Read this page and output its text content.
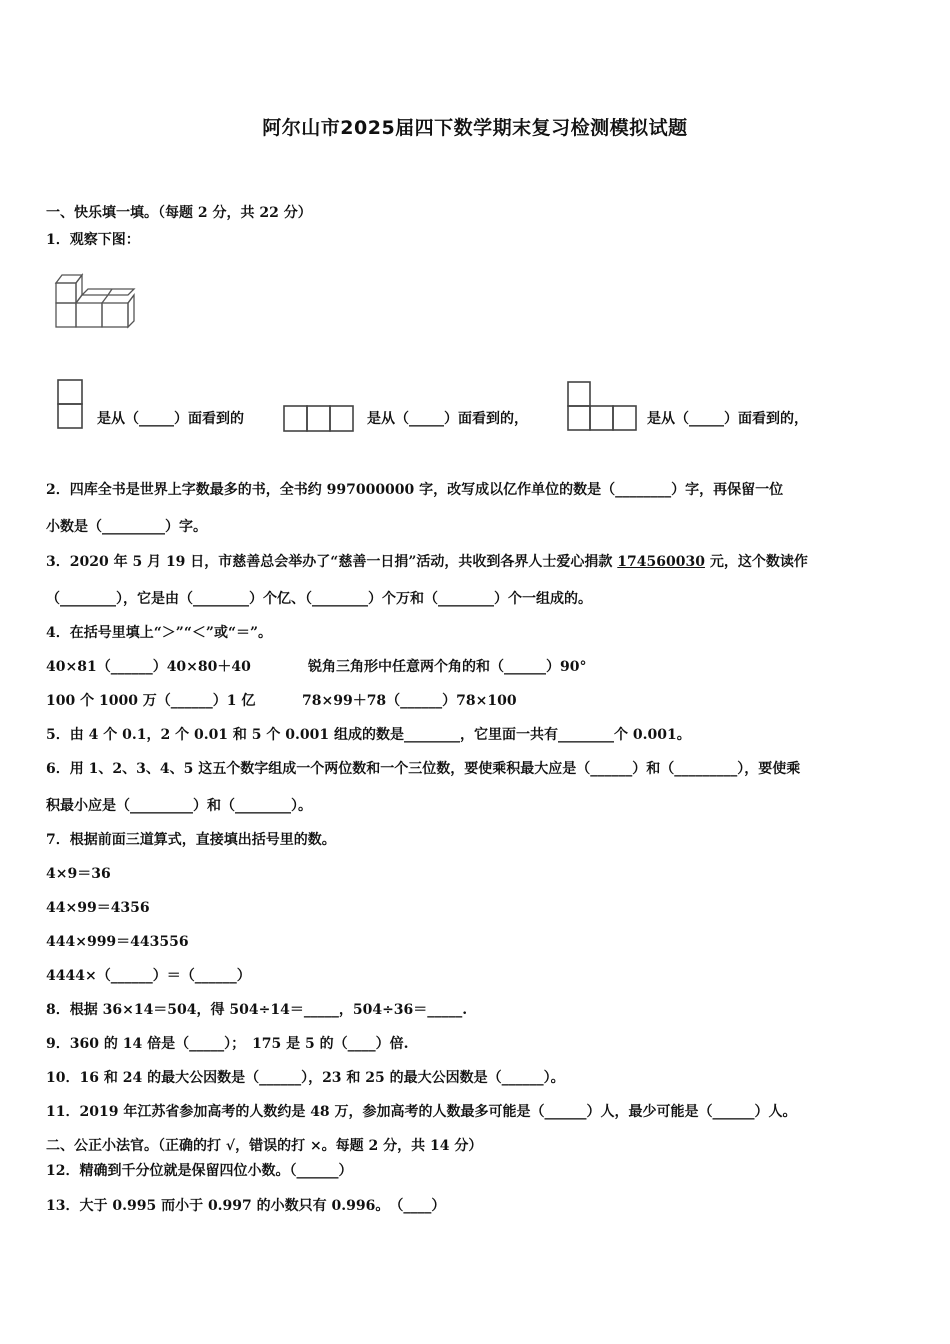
阿尔山市2025届四下数学期末复习检测模拟试题
一、快乐填一填。（每题 2 分，共 22 分）
1．观察下图：
是从（_____）面看到的	是从（_____）面看到的，	是从（_____）面看到的，
2．四库全书是世界上字数最多的书，全书约 997000000 字，改写成以亿作单位的数是（________）字，再保留一位
小数是（_________）字。
3．2020 年 5 月 19 日，市慈善总会举办了“慈善一日捐”活动，共收到各界人士爱心捐款 174560030 元，这个数读作
（________），它是由（________）个亿、（________）个万和（________）个一组成的。
4．在括号里填上“＞”“＜”或“＝”。
40×81（______）40×80＋40	锐角三角形中任意两个角的和（______）90°
100 个 1000 万（______）1 亿	78×99＋78（______）78×100
5．由 4 个 0.1，2 个 0.01 和 5 个 0.001 组成的数是________，它里面一共有________个 0.001。
6．用 1、2、3、4、5 这五个数字组成一个两位数和一个三位数，要使乘积最大应是（______）和（_________），要使乘
积最小应是（_________）和（________）。
7．根据前面三道算式，直接填出括号里的数。
4×9＝36
44×99＝4356
444×999＝443556
4444×（______）＝（______）
8．根据 36×14＝504，得 504÷14＝_____，504÷36＝_____.
9．360 的 14 倍是（_____）；　175 是 5 的（____）倍.
10．16 和 24 的最大公因数是（______），23 和 25 的最大公因数是（______）。
11．2019 年江苏省参加高考的人数约是 48 万，参加高考的人数最多可能是（______）人，最少可能是（______）人。
二、公正小法官。（正确的打 √，错误的打 ×。每题 2 分，共 14 分）
12．精确到千分位就是保留四位小数。（______）
13．大于 0.995 而小于 0.997 的小数只有 0.996。　（____）
